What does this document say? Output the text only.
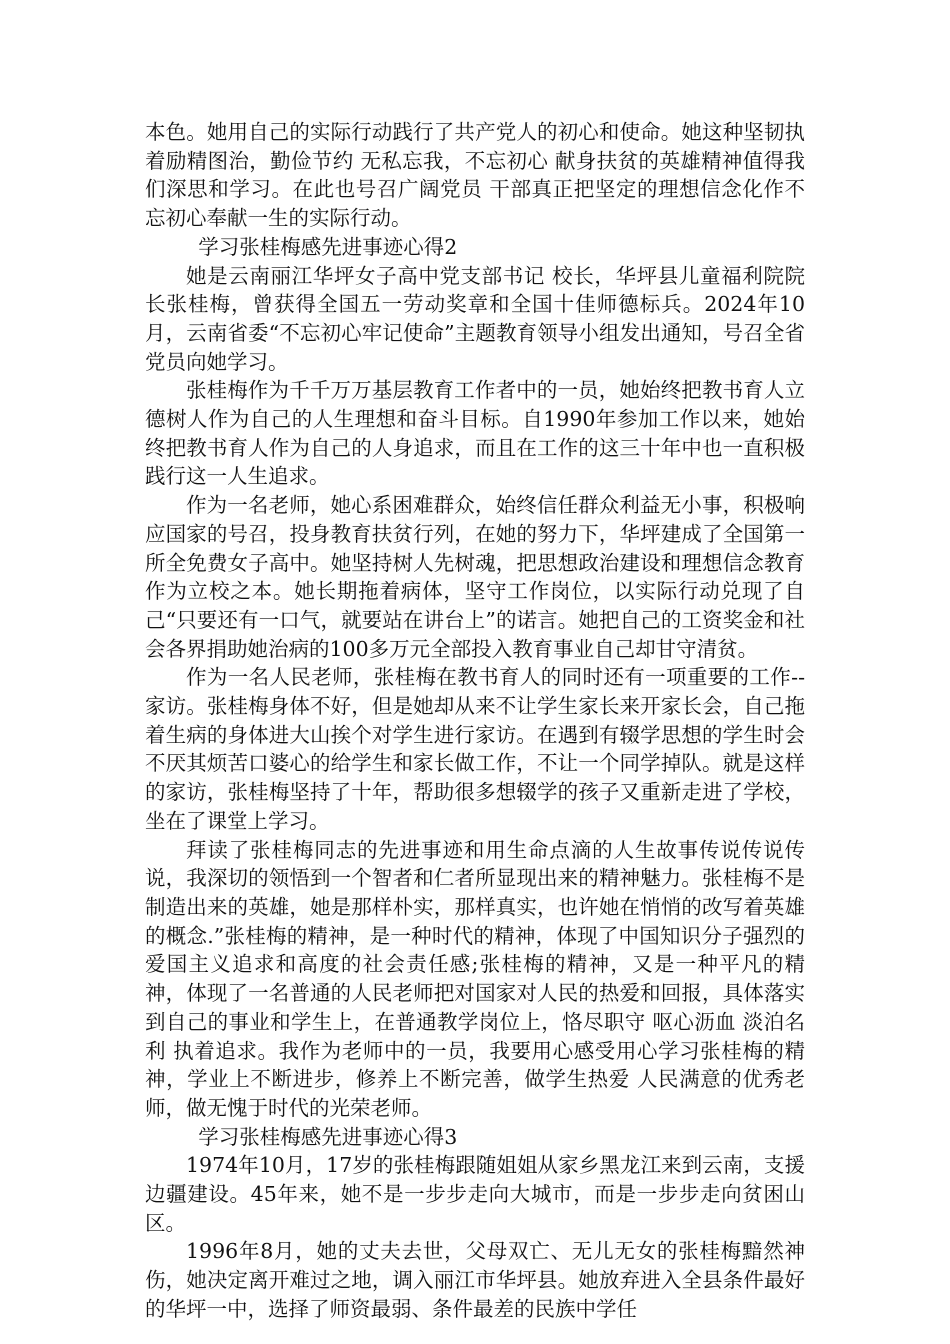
本色。她用自己的实际行动践行了共产党人的初心和使命。她这种坚韧执着励精图治，勤俭节约 无私忘我，不忘初心 献身扶贫的英雄精神值得我们深思和学习。在此也号召广阔党员 干部真正把坚定的理想信念化作不忘初心奉献一生的实际行动。

学习张桂梅感先进事迹心得2

她是云南丽江华坪女子高中党支部书记 校长，华坪县儿童福利院院长张桂梅，曾获得全国五一劳动奖章和全国十佳师德标兵。2024年10月，云南省委“不忘初心牢记使命”主题教育领导小组发出通知，号召全省党员向她学习。

张桂梅作为千千万万基层教育工作者中的一员，她始终把教书育人立德树人作为自己的人生理想和奋斗目标。自1990年参加工作以来，她始终把教书育人作为自己的人身追求，而且在工作的这三十年中也一直积极践行这一人生追求。

作为一名老师，她心系困难群众，始终信任群众利益无小事，积极响应国家的号召，投身教育扶贫行列，在她的努力下，华坪建成了全国第一所全免费女子高中。她坚持树人先树魂，把思想政治建设和理想信念教育作为立校之本。她长期拖着病体，坚守工作岗位，以实际行动兑现了自己“只要还有一口气，就要站在讲台上”的诺言。她把自己的工资奖金和社会各界捐助她治病的100多万元全部投入教育事业自己却甘守清贫。

作为一名人民老师，张桂梅在教书育人的同时还有一项重要的工作--家访。张桂梅身体不好，但是她却从来不让学生家长来开家长会，自己拖着生病的身体进大山挨个对学生进行家访。在遇到有辍学思想的学生时会不厌其烦苦口婆心的给学生和家长做工作，不让一个同学掉队。就是这样的家访，张桂梅坚持了十年，帮助很多想辍学的孩子又重新走进了学校，坐在了课堂上学习。

拜读了张桂梅同志的先进事迹和用生命点滴的人生故事传说传说传说，我深切的领悟到一个智者和仁者所显现出来的精神魅力。张桂梅不是制造出来的英雄，她是那样朴实，那样真实，也许她在悄悄的改写着英雄的概念.”张桂梅的精神，是一种时代的精神，体现了中国知识分子强烈的爱国主义追求和高度的社会责任感;张桂梅的精神，又是一种平凡的精神，体现了一名普通的人民老师把对国家对人民的热爱和回报，具体落实到自己的事业和学生上，在普通教学岗位上，恪尽职守 呕心沥血 淡泊名利 执着追求。我作为老师中的一员，我要用心感受用心学习张桂梅的精神，学业上不断进步，修养上不断完善，做学生热爱 人民满意的优秀老师，做无愧于时代的光荣老师。

学习张桂梅感先进事迹心得3

1974年10月，17岁的张桂梅跟随姐姐从家乡黑龙江来到云南，支援边疆建设。45年来，她不是一步步走向大城市，而是一步步走向贫困山区。

1996年8月，她的丈夫去世，父母双亡、无儿无女的张桂梅黯然神伤，她决定离开难过之地，调入丽江市华坪县。她放弃进入全县条件最好的华坪一中，选择了师资最弱、条件最差的民族中学任
